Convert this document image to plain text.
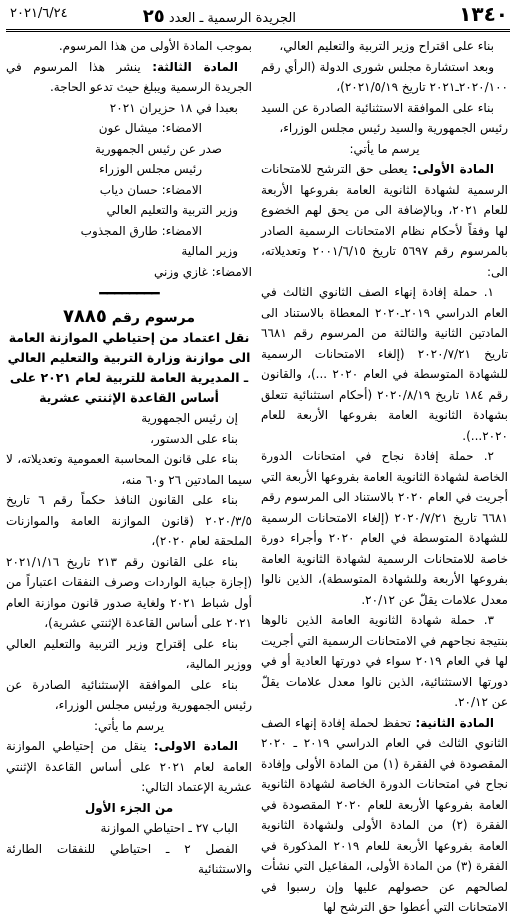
١٣٤٠
الجريدة الرسمية ـ العدد ٢٥
٢٠٢١/٦/٢٤

بناء على اقتراح وزير التربية والتعليم العالي،

وبعد استشارة مجلس شورى الدولة (الرأي رقم ٢٠٢٠/١٠٠ـ٢٠٢١ تاريخ ٢٠٢١/٥/١٩)،

بناء على الموافقة الاستثنائية الصادرة عن السيد رئيس الجمهورية والسيد رئيس مجلس الوزراء،

يرسم ما يأتي:

المادة الأولى: يعطى حق الترشح للامتحانات الرسمية لشهادة الثانوية العامة بفروعها الأربعة للعام ٢٠٢١، وبالإضافة الى من يحق لهم الخضوع لها وفقاً لأحكام نظام الامتحانات الرسمية الصادر بالمرسوم رقم ٥٦٩٧ تاريخ ٢٠٠١/٦/١٥ وتعديلاته، الى:

١. حملة إفادة إنهاء الصف الثانوي الثالث في العام الدراسي ٢٠١٩ـ٢٠٢٠ المعطاة بالاستناد الى المادتين الثانية والثالثة من المرسوم رقم ٦٦٨١ تاريخ ٢٠٢٠/٧/٢١ (إلغاء الامتحانات الرسمية للشهادة المتوسطة في العام ٢٠٢٠ ...)، والقانون رقم ١٨٤ تاريخ ٢٠٢٠/٨/١٩ (أحكام استثنائية تتعلق بشهادة الثانوية العامة بفروعها الأربعة للعام ٢٠٢٠...).

٢. حملة إفادة نجاح في امتحانات الدورة الخاصة لشهادة الثانوية العامة بفروعها الأربعة التي أجريت في العام ٢٠٢٠ بالاستناد الى المرسوم رقم ٦٦٨١ تاريخ ٢٠٢٠/٧/٢١ (إلغاء الامتحانات الرسمية للشهادة المتوسطة في العام ٢٠٢٠ وأجراء دورة خاصة للامتحانات الرسمية لشهادة الثانوية العامة بفروعها الأربعة وللشهادة المتوسطة)، الذين نالوا معدل علامات يقلّ عن ٢٠/١٢.

٣. حملة شهادة الثانوية العامة الذين نالوها بنتيجة نجاحهم في الامتحانات الرسمية التي أجريت لها في العام ٢٠١٩ سواء في دورتها العادية أو في دورتها الاستثنائية، الذين نالوا معدل علامات يقلّ عن ٢٠/١٢.

المادة الثانية: تحفظ لحملة إفادة إنهاء الصف الثانوي الثالث في العام الدراسي ٢٠١٩ ـ ٢٠٢٠ المقصودة في الفقرة (١) من المادة الأولى وإفادة نجاح في امتحانات الدورة الخاصة لشهادة الثانوية العامة بفروعها الأربعة للعام ٢٠٢٠ المقصودة في الفقرة (٢) من المادة الأولى ولشهادة الثانوية العامة بفروعها الأربعة للعام ٢٠١٩ المذكورة في الفقرة (٣) من المادة الأولى، المفاعيل التي نشأت لصالحهم عن حصولهم عليها وإن رسبوا في الامتحانات التي أعطوا حق الترشح لها

بموجب المادة الأولى من هذا المرسوم.

المادة الثالثة: ينشر هذا المرسوم في الجريدة الرسمية ويبلغ حيث تدعو الحاجة.

بعبدا في ١٨ حزيران ٢٠٢١

الامضاء: ميشال عون

صدر عن رئيس الجمهورية

رئيس مجلس الوزراء

الامضاء: حسان دياب

وزير التربية والتعليم العالي

الامضاء: طارق المجذوب

وزير المالية

الامضاء: غازي وزني

━━━━━━━━
مرسوم رقم ٧٨٨٥

نقل اعتماد من إحتياطي الموازنة العامة الى موازنة وزارة التربية والتعليم العالي ـ المديرية العامة للتربية لعام ٢٠٢١ على أساس القاعدة الإثنتي عشرية

إن رئيس الجمهورية

بناء على الدستور،

بناء على قانون المحاسبة العمومية وتعديلاته، لا سيما المادتين ٢٦ و٦٠ منه،

بناء على القانون النافذ حكماً رقم ٦ تاريخ ٢٠٢٠/٣/٥ (قانون الموازنة العامة والموازنات الملحقة لعام ٢٠٢٠)،

بناء على القانون رقم ٢١٣ تاريخ ٢٠٢١/١/١٦ (إجازة جباية الواردات وصرف النفقات اعتباراً من أول شباط ٢٠٢١ ولغاية صدور قانون موازنة العام ٢٠٢١ على أساس القاعدة الإثنتي عشرية)،

بناء على إقتراح وزير التربية والتعليم العالي ووزير المالية،

بناء على الموافقة الإستثنائية الصادرة عن رئيس الجمهورية ورئيس مجلس الوزراء،

يرسم ما يأتي:

المادة الاولى: ينقل من إحتياطي الموازنة العامة لعام ٢٠٢١ على أساس القاعدة الإثنتي عشرية الإعتماد التالي:

من الجزء الأول

الباب ٢٧ ـ احتياطي الموازنة

الفصل ٢ ـ احتياطي للنفقات الطارئة والاستثنائية
